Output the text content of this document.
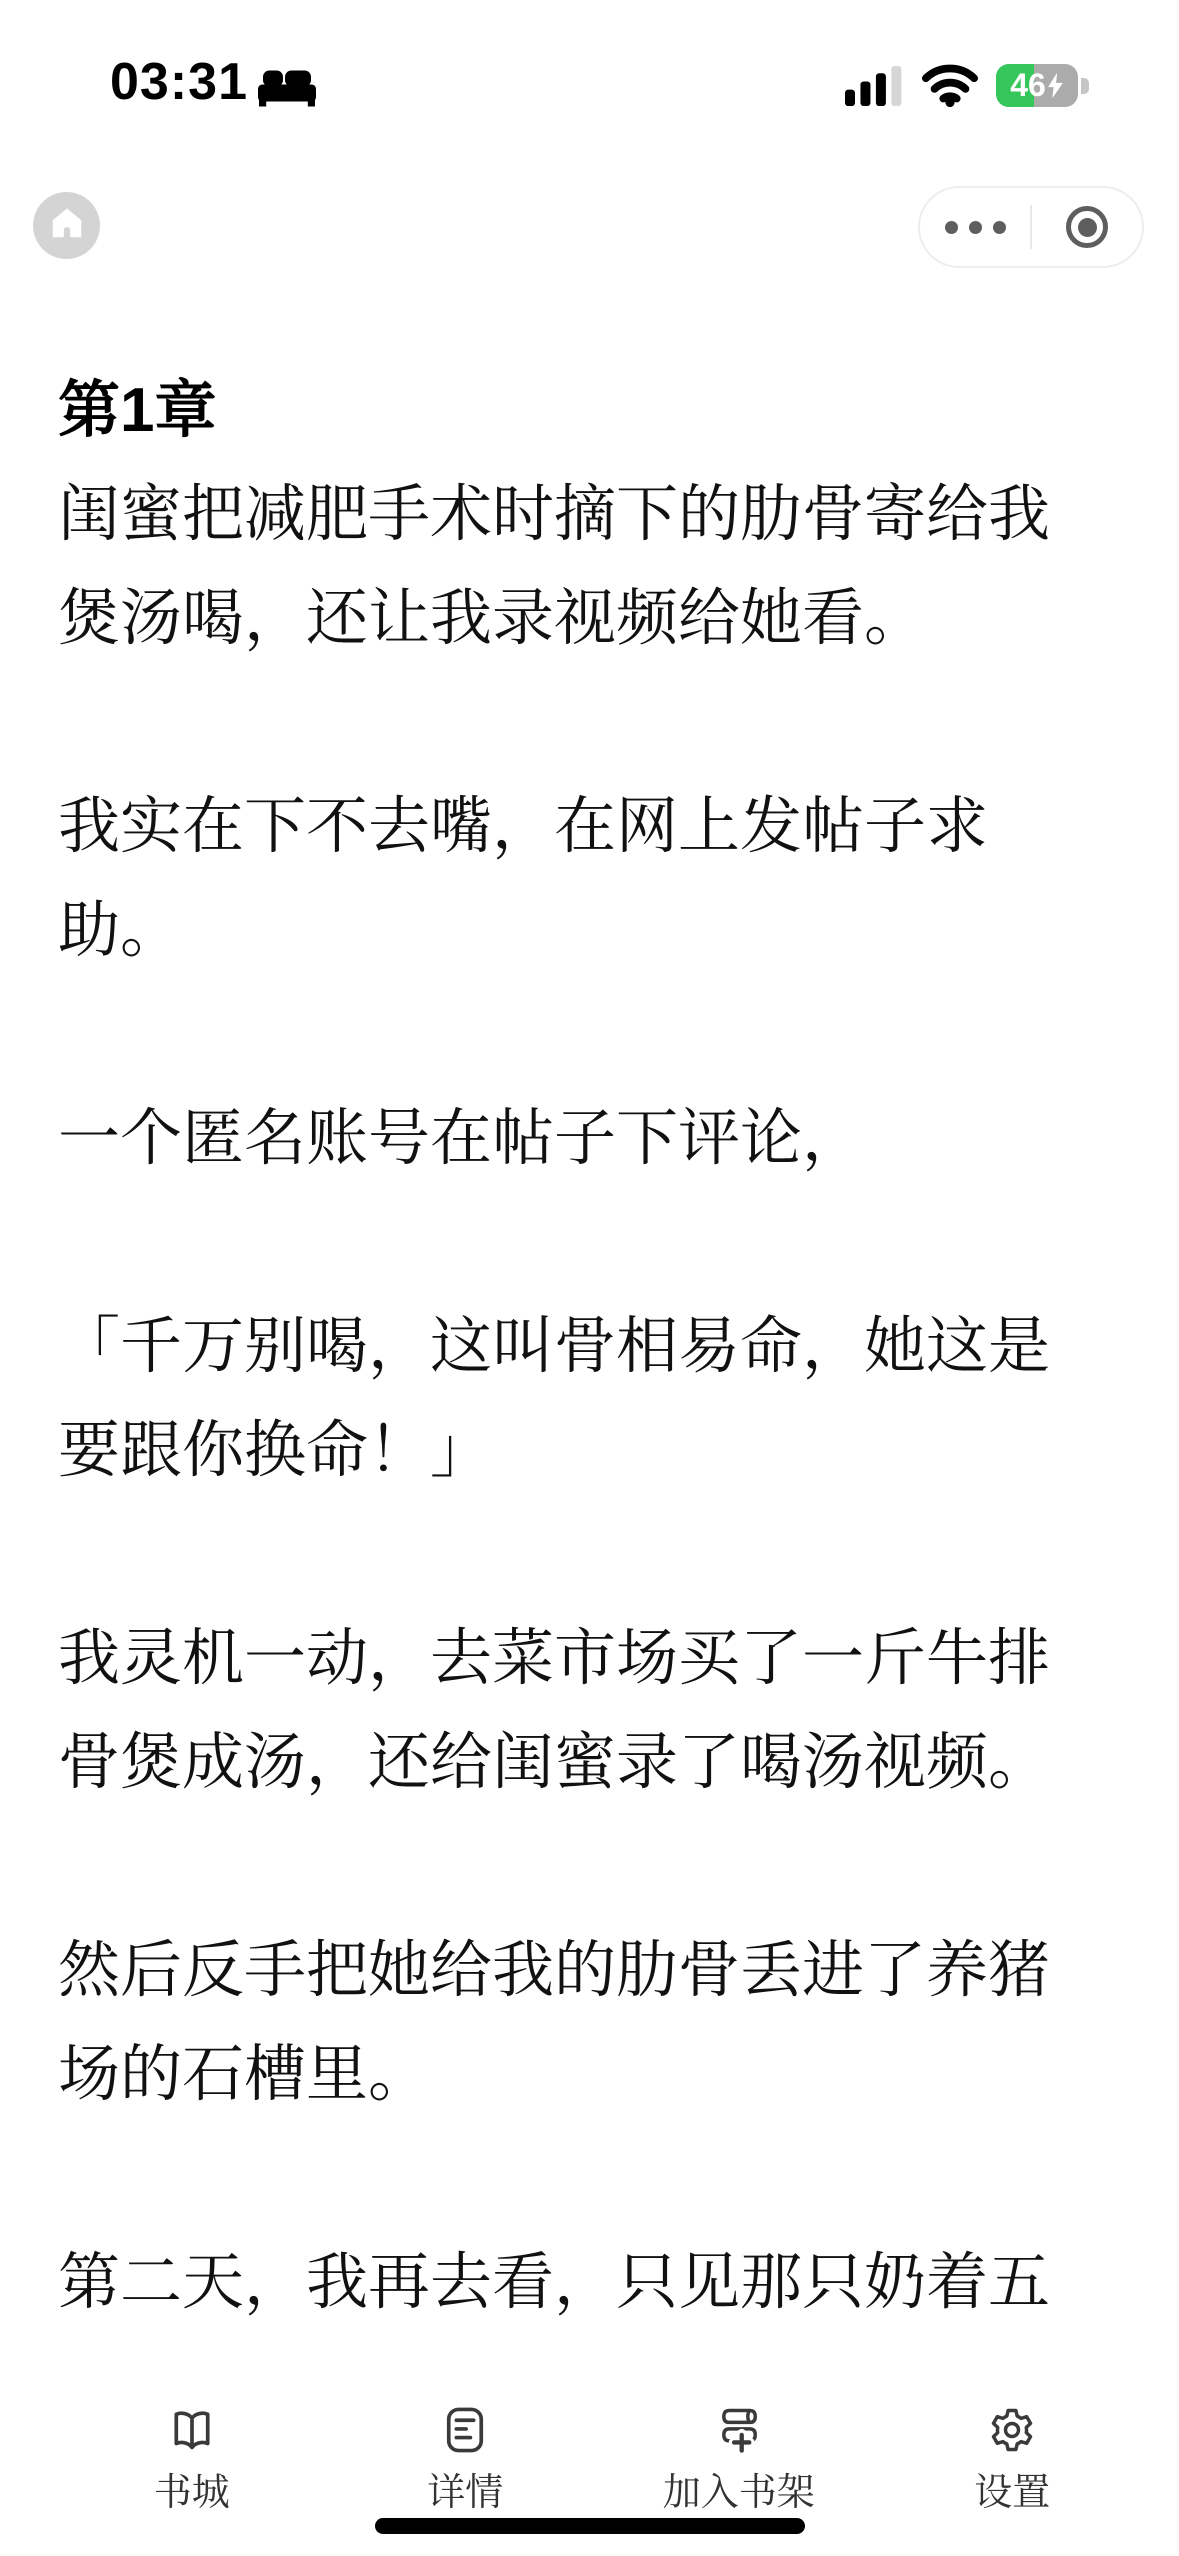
03:31	46
第1章
闺蜜把减肥手术时摘下的肋骨寄给我煲汤喝，还让我录视频给她看。
我实在下不去嘴，在网上发帖子求助。
一个匿名账号在帖子下评论，
「千万别喝，这叫骨相易命，她这是要跟你换命！」
我灵机一动，去菜市场买了一斤牛排骨煲成汤，还给闺蜜录了喝汤视频。
然后反手把她给我的肋骨丢进了养猪场的石槽里。
第二天，我再去看，只见那只奶着五
书城	详情	加入书架	设置
